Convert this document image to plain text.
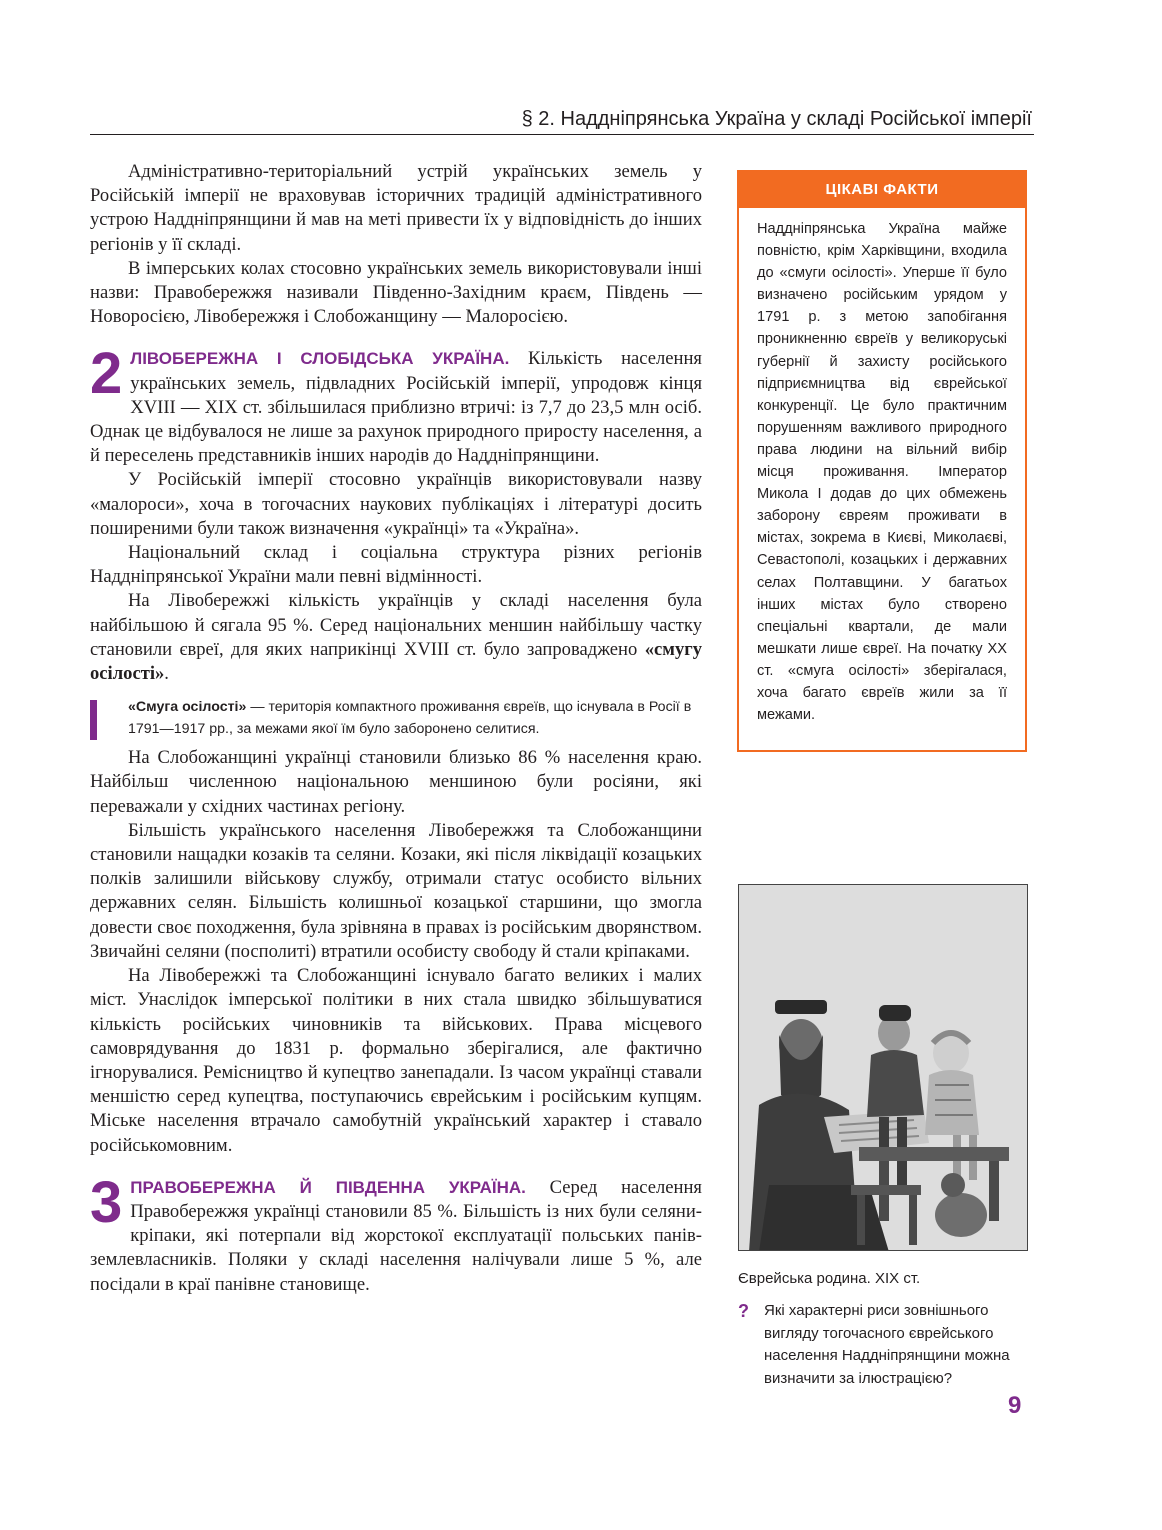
§ 2. Наддніпрянська Україна у складі Російської імперії

Адміністративно-територіальний устрій українських земель у Російській імперії не враховував історичних традицій адміністративного устрою Наддніпрянщини й мав на меті привести їх у відповідність до інших регіонів у її складі.

В імперських колах стосовно українських земель використовували інші назви: Правобережжя називали Південно-Західним краєм, Південь — Новоросією, Лівобережжя і Слобожанщину — Малоросією.

2 ЛІВОБЕРЕЖНА І СЛОБІДСЬКА УКРАЇНА. Кількість населення українських земель, підвладних Російській імперії, упродовж кінця XVIII — XIX ст. збільшилася приблизно втричі: із 7,7 до 23,5 млн осіб. Однак це відбувалося не лише за рахунок природного приросту населення, а й переселень представників інших народів до Наддніпрянщини.

У Російській імперії стосовно українців використовували назву «малороси», хоча в тогочасних наукових публікаціях і літературі досить поширеними були також визначення «українці» та «Україна».

Національний склад і соціальна структура різних регіонів Наддніпрянської України мали певні відмінності.

На Лівобережжі кількість українців у складі населення була найбільшою й сягала 95 %. Серед національних меншин найбільшу частку становили євреї, для яких наприкінці XVIII ст. було запроваджено «смугу осілості».

«Смуга осілості» — територія компактного проживання євреїв, що існувала в Росії в 1791—1917 рр., за межами якої їм було заборонено селитися.

На Слобожанщині українці становили близько 86 % населення краю. Найбільш численною національною меншиною були росіяни, які переважали у східних частинах регіону.

Більшість українського населення Лівобережжя та Слобожанщини становили нащадки козаків та селяни. Козаки, які після ліквідації козацьких полків залишили військову службу, отримали статус особисто вільних державних селян. Більшість колишньої козацької старшини, що змогла довести своє походження, була зрівняна в правах із російським дворянством. Звичайні селяни (посполиті) втратили особисту свободу й стали кріпаками.

На Лівобережжі та Слобожанщині існувало багато великих і малих міст. Унаслідок імперської політики в них стала швидко збільшуватися кількість російських чиновників та військових. Права місцевого самоврядування до 1831 р. формально зберігалися, але фактично ігнорувалися. Ремісництво й купецтво занепадали. Із часом українці ставали меншістю серед купецтва, поступаючись єврейським і російським купцям. Міське населення втрачало самобутній український характер і ставало російськомовним.

3 ПРАВОБЕРЕЖНА Й ПІВДЕННА УКРАЇНА. Серед населення Правобережжя українці становили 85 %. Більшість із них були селяни-кріпаки, які потерпали від жорстокої експлуатації польських панів-землевласників. Поляки у складі населення налічували лише 5 %, але посідали в краї панівне становище.

ЦІКАВІ ФАКТИ
Наддніпрянська Україна майже повністю, крім Харківщини, входила до «смуги осілості». Уперше її було визначено російським урядом у 1791 р. з метою запобігання проникненню євреїв у великоруські губернії й захисту російського підприємництва від єврейської конкуренції. Це було практичним порушенням важливого природного права людини на вільний вибір місця проживання. Імператор Микола І додав до цих обмежень заборону євреям проживати в містах, зокрема в Києві, Миколаєві, Севастополі, козацьких і державних селах Полтавщини. У багатьох інших містах було створено спеціальні квартали, де мали мешкати лише євреї. На початку ХХ ст. «смуга осілості» зберігалася, хоча багато євреїв жили за її межами.
Єврейська родина. XIX ст.
?	Які характерні риси зовнішнього вигляду тогочасного єврейського населення Наддніпрянщини можна визначити за ілюстрацією?
9
